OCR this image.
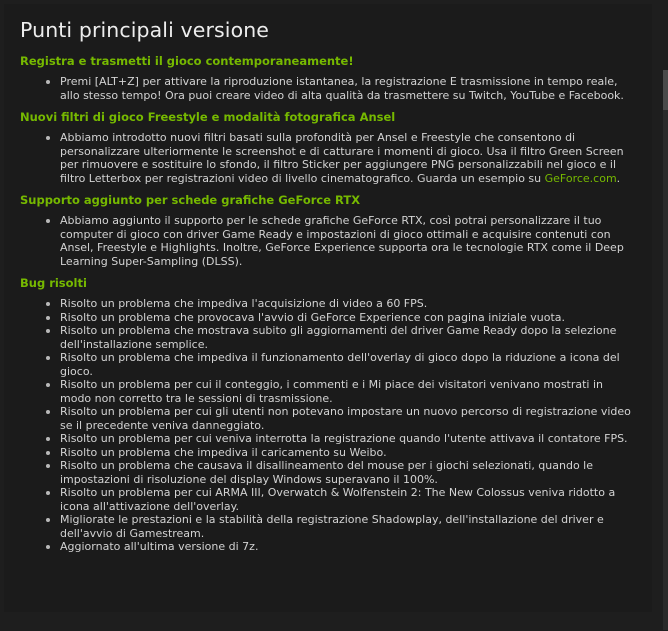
Punti principali versione
Registra e trasmetti il gioco contemporaneamente!
Premi [ALT+Z] per attivare la riproduzione istantanea, la registrazione E trasmissione in tempo reale, allo stesso tempo! Ora puoi creare video di alta qualità da trasmettere su Twitch, YouTube e Facebook.
Nuovi filtri di gioco Freestyle e modalità fotografica Ansel
Abbiamo introdotto nuovi filtri basati sulla profondità per Ansel e Freestyle che consentono di personalizzare ulteriormente le screenshot e di catturare i momenti di gioco. Usa il filtro Green Screen per rimuovere e sostituire lo sfondo, il filtro Sticker per aggiungere PNG personalizzabili nel gioco e il filtro Letterbox per registrazioni video di livello cinematografico. Guarda un esempio su GeForce.com.
Supporto aggiunto per schede grafiche GeForce RTX
Abbiamo aggiunto il supporto per le schede grafiche GeForce RTX, così potrai personalizzare il tuo computer di gioco con driver Game Ready e impostazioni di gioco ottimali e acquisire contenuti con Ansel, Freestyle e Highlights. Inoltre, GeForce Experience supporta ora le tecnologie RTX come il Deep Learning Super-Sampling (DLSS).
Bug risolti
Risolto un problema che impediva l'acquisizione di video a 60 FPS.
Risolto un problema che provocava l'avvio di GeForce Experience con pagina iniziale vuota.
Risolto un problema che mostrava subito gli aggiornamenti del driver Game Ready dopo la selezione dell'installazione semplice.
Risolto un problema che impediva il funzionamento dell'overlay di gioco dopo la riduzione a icona del gioco.
Risolto un problema per cui il conteggio, i commenti e i Mi piace dei visitatori venivano mostrati in modo non corretto tra le sessioni di trasmissione.
Risolto un problema per cui gli utenti non potevano impostare un nuovo percorso di registrazione video se il precedente veniva danneggiato.
Risolto un problema per cui veniva interrotta la registrazione quando l'utente attivava il contatore FPS.
Risolto un problema che impediva il caricamento su Weibo.
Risolto un problema che causava il disallineamento del mouse per i giochi selezionati, quando le impostazioni di risoluzione del display Windows superavano il 100%.
Risolto un problema per cui ARMA III, Overwatch & Wolfenstein 2: The New Colossus veniva ridotto a icona all'attivazione dell'overlay.
Migliorate le prestazioni e la stabilità della registrazione Shadowplay, dell'installazione del driver e dell'avvio di Gamestream.
Aggiornato all'ultima versione di 7z.
